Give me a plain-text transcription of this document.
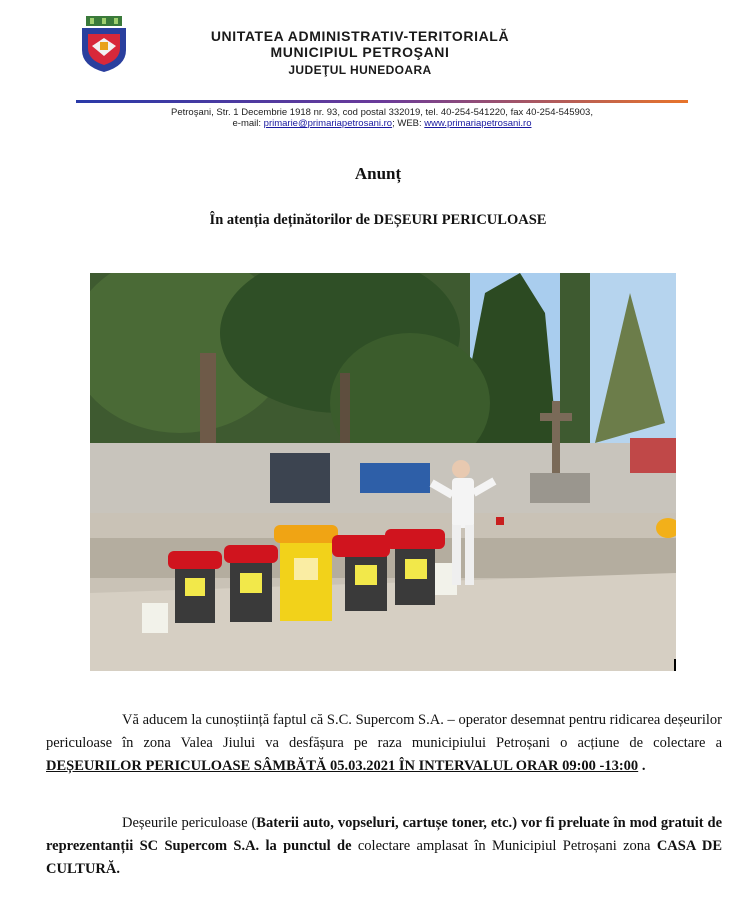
UNITATEA ADMINISTRATIV-TERITORIALĂ
MUNICIPIUL PETROŞANI
JUDEŢUL HUNEDOARA
Petroşani, Str. 1 Decembrie 1918 nr. 93, cod postal 332019, tel. 40-254-541220, fax 40-254-545903,
e-mail: primarie@primariapetrosani.ro; WEB: www.primariapetrosani.ro
Anunț
În atenția deținătorilor de DEȘEURI PERICULOASE
Vă aducem la cunoștiință faptul că S.C. Supercom S.A. – operator desemnat pentru ridicarea deșeurilor periculoase în zona Valea Jiului va desfășura pe raza municipiului Petroșani o acțiune de colectare a DEȘEURILOR PERICULOASE SÂMBĂTĂ 05.03.2021 ÎN INTERVALUL ORAR 09:00 -13:00 .
Deșeurile periculoase (Baterii auto, vopseluri, cartușe toner, etc.) vor fi preluate în mod gratuit de reprezentanții SC Supercom S.A. la punctul de colectare amplasat în Municipiul Petroșani zona CASA DE CULTURĂ.
